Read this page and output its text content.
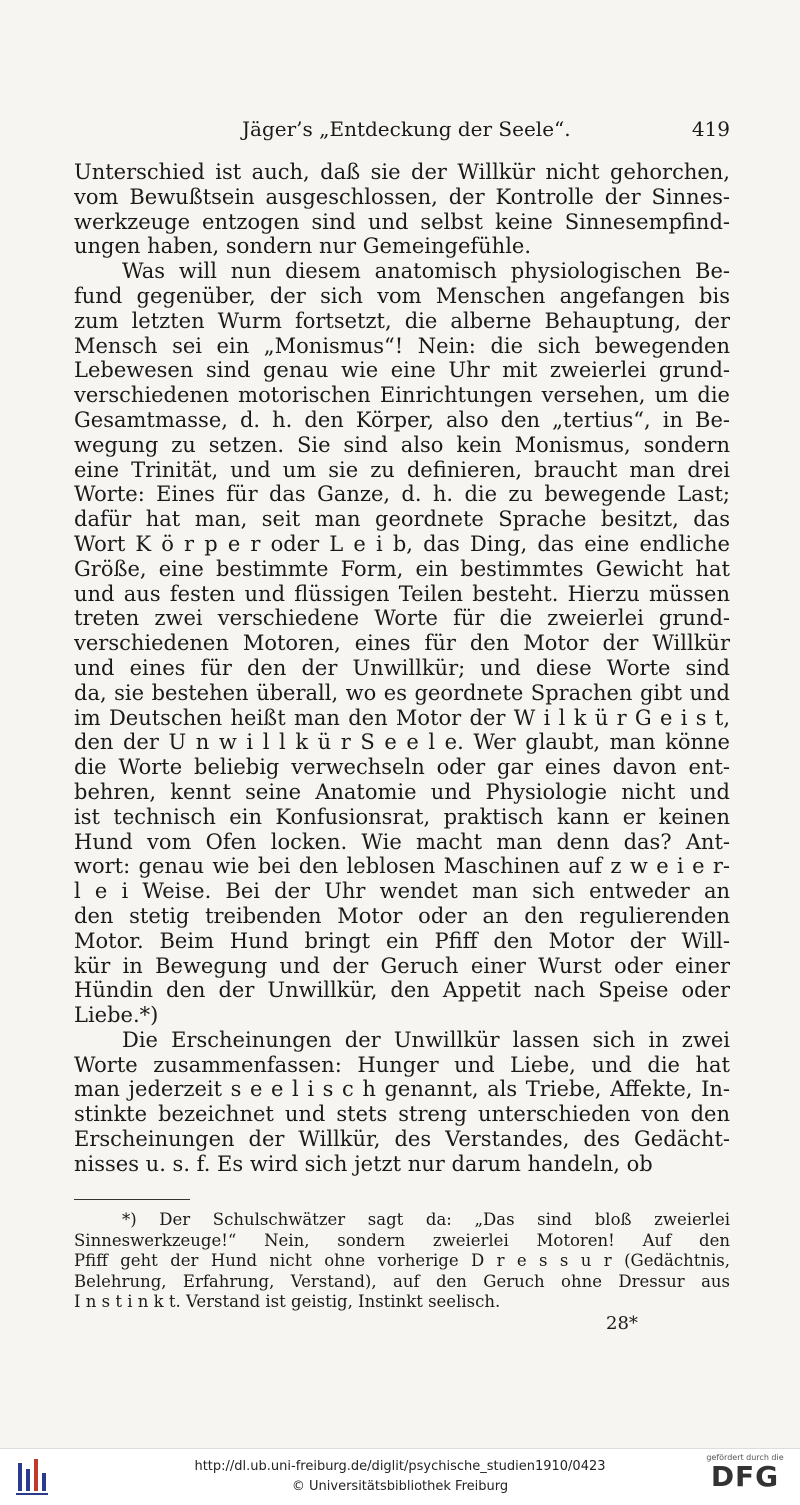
Jäger’s „Entdeckung der Seele“.	419
Unterschied ist auch, daß sie der Willkür nicht gehorchen,
vom Bewußtsein ausgeschlossen, der Kontrolle der Sinnes-
werkzeuge entzogen sind und selbst keine Sinnesempfind-
ungen haben, sondern nur Gemeingefühle.
Was will nun diesem anatomisch physiologischen Be-
fund gegenüber, der sich vom Menschen angefangen bis
zum letzten Wurm fortsetzt, die alberne Behauptung, der
Mensch sei ein „Monismus“! Nein: die sich bewegenden
Lebewesen sind genau wie eine Uhr mit zweierlei grund-
verschiedenen motorischen Einrichtungen versehen, um die
Gesamtmasse, d. h. den Körper, also den „tertius“, in Be-
wegung zu setzen. Sie sind also kein Monismus, sondern
eine Trinität, und um sie zu definieren, braucht man drei
Worte: Eines für das Ganze, d. h. die zu bewegende Last;
dafür hat man, seit man geordnete Sprache besitzt, das
Wort K ö r p e r oder L e i b, das Ding, das eine endliche
Größe, eine bestimmte Form, ein bestimmtes Gewicht hat
und aus festen und flüssigen Teilen besteht. Hierzu müssen
treten zwei verschiedene Worte für die zweierlei grund-
verschiedenen Motoren, eines für den Motor der Willkür
und eines für den der Unwillkür; und diese Worte sind
da, sie bestehen überall, wo es geordnete Sprachen gibt und
im Deutschen heißt man den Motor der W i l k ü r G e i s t,
den der U n w i l l k ü r S e e l e. Wer glaubt, man könne
die Worte beliebig verwechseln oder gar eines davon ent-
behren, kennt seine Anatomie und Physiologie nicht und
ist technisch ein Konfusionsrat, praktisch kann er keinen
Hund vom Ofen locken. Wie macht man denn das? Ant-
wort: genau wie bei den leblosen Maschinen auf z w e i e r-
l e i Weise. Bei der Uhr wendet man sich entweder an
den stetig treibenden Motor oder an den regulierenden
Motor. Beim Hund bringt ein Pfiff den Motor der Will-
kür in Bewegung und der Geruch einer Wurst oder einer
Hündin den der Unwillkür, den Appetit nach Speise oder
Liebe.*)
Die Erscheinungen der Unwillkür lassen sich in zwei
Worte zusammenfassen: Hunger und Liebe, und die hat
man jederzeit s e e l i s c h genannt, als Triebe, Affekte, In-
stinkte bezeichnet und stets streng unterschieden von den
Erscheinungen der Willkür, des Verstandes, des Gedächt-
nisses u. s. f. Es wird sich jetzt nur darum handeln, ob
*) Der Schulschwätzer sagt da: „Das sind bloß zweierlei
Sinneswerkzeuge!“ Nein, sondern zweierlei Motoren! Auf den
Pfiff geht der Hund nicht ohne vorherige D r e s s u r (Gedächtnis,
Belehrung, Erfahrung, Verstand), auf den Geruch ohne Dressur aus
I n s t i n k t. Verstand ist geistig, Instinkt seelisch.
28*
http://dl.ub.uni-freiburg.de/diglit/psychische_studien1910/0423
© Universitätsbibliothek Freiburg
gefördert durch die
DFG
